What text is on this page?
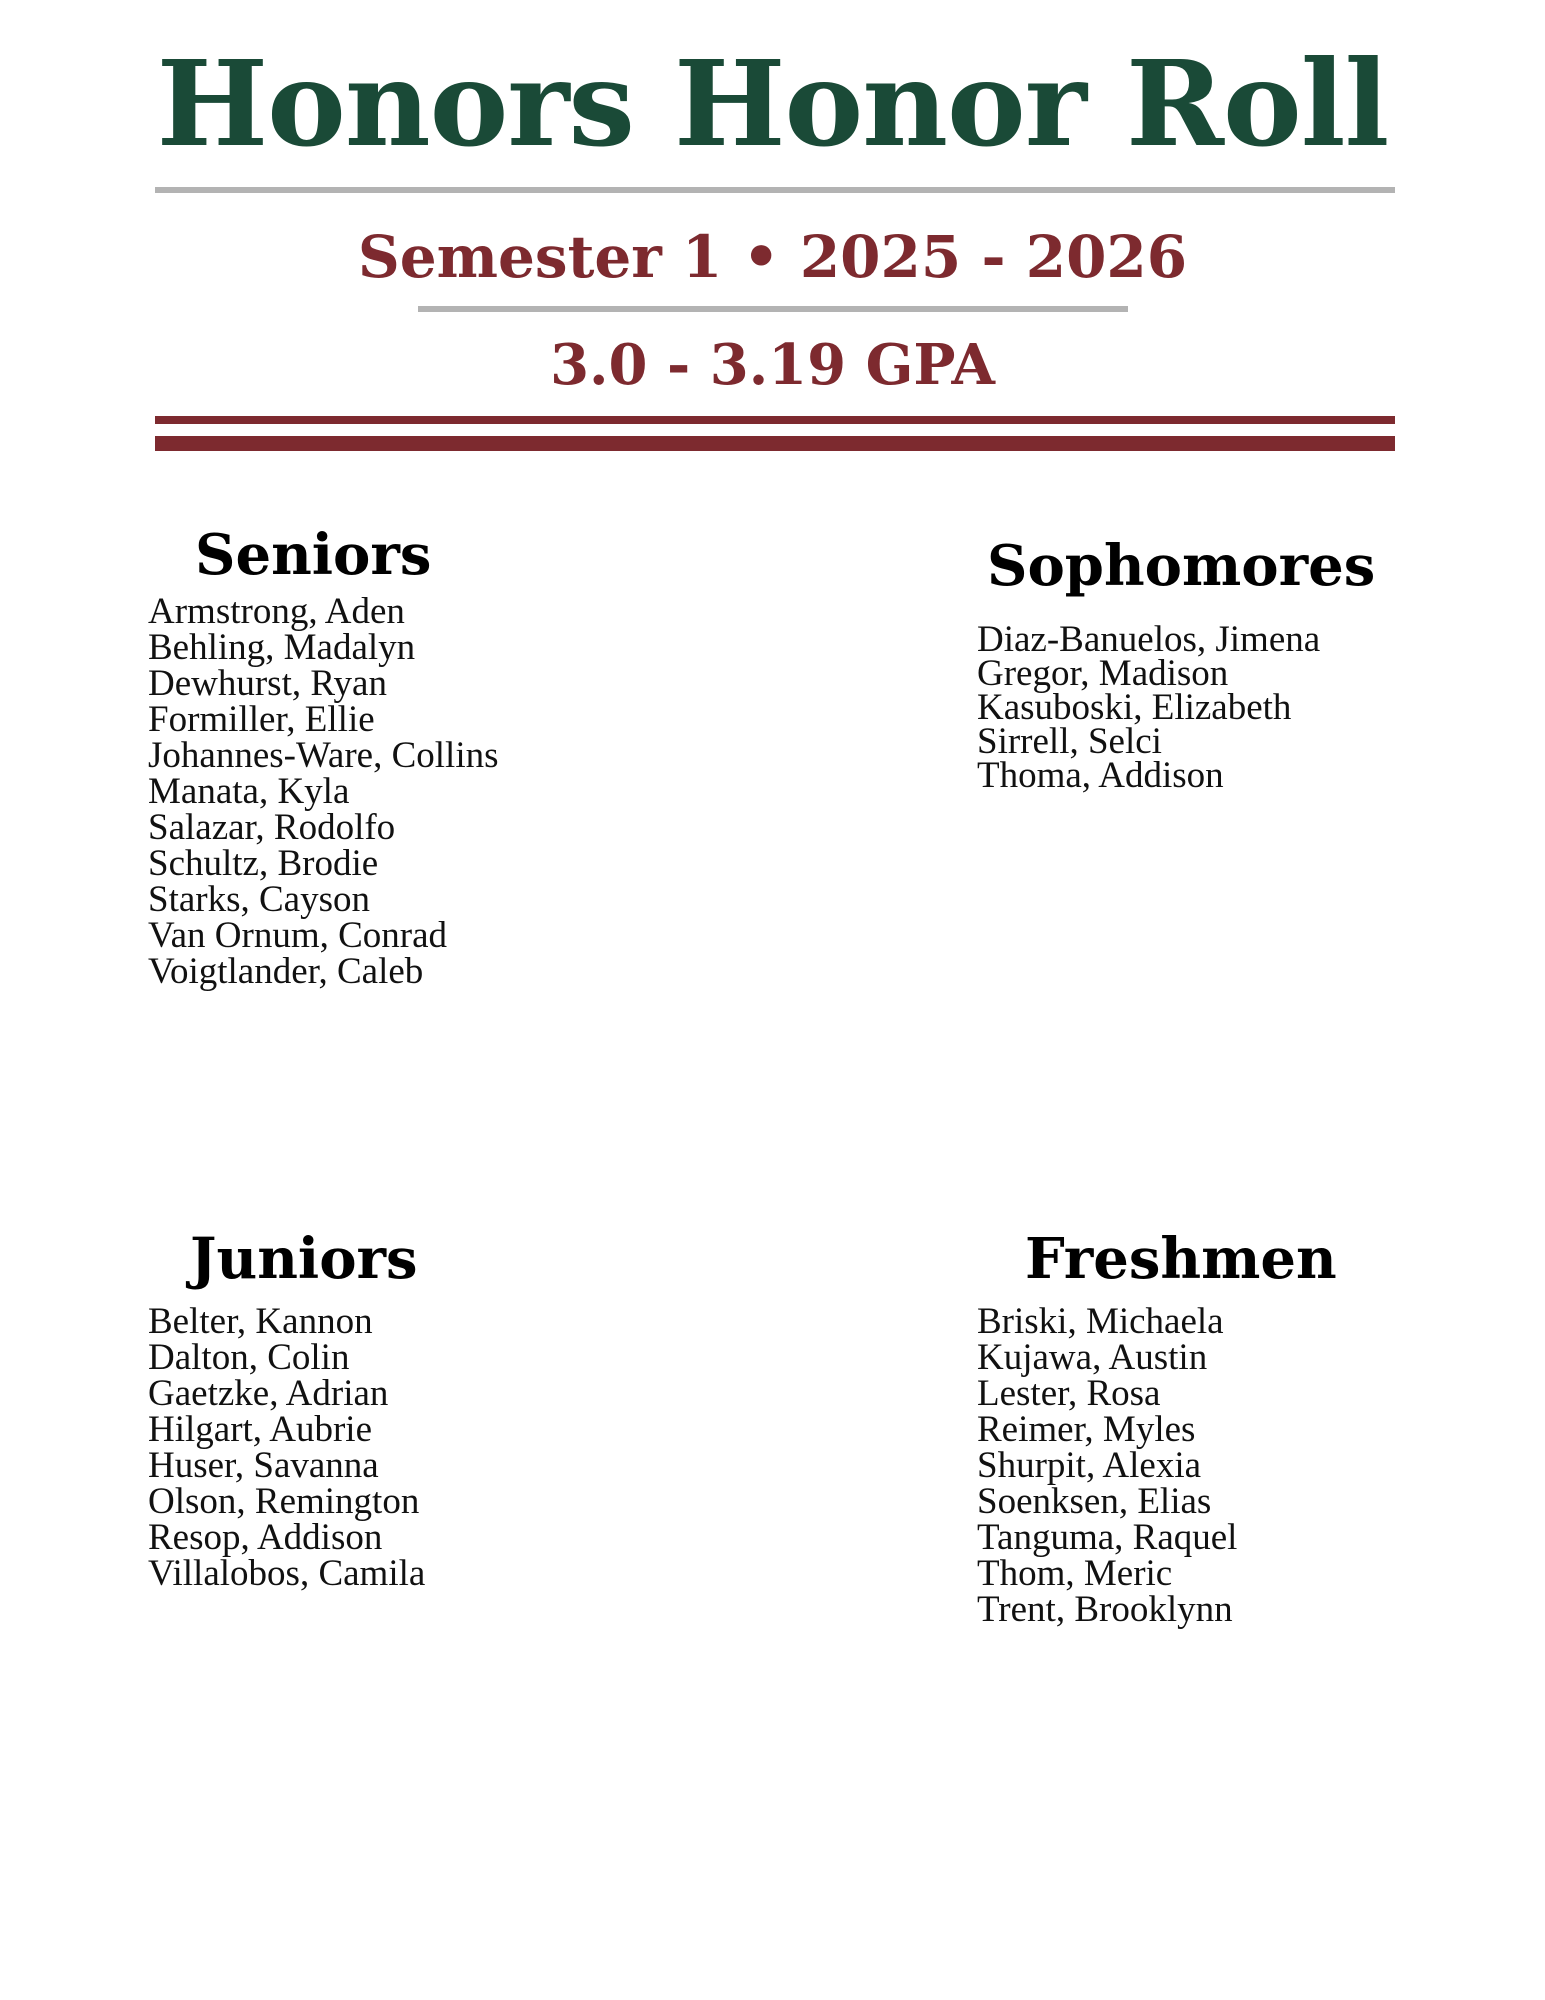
Honors Honor Roll
Semester 1 • 2025 - 2026
3.0 - 3.19 GPA
Seniors
Armstrong, Aden
Behling, Madalyn
Dewhurst, Ryan
Formiller, Ellie
Johannes-Ware, Collins
Manata, Kyla
Salazar, Rodolfo
Schultz, Brodie
Starks, Cayson
Van Ornum, Conrad
Voigtlander, Caleb
Sophomores
Diaz-Banuelos, Jimena
Gregor, Madison
Kasuboski, Elizabeth
Sirrell, Selci
Thoma, Addison
Juniors
Belter, Kannon
Dalton, Colin
Gaetzke, Adrian
Hilgart, Aubrie
Huser, Savanna
Olson, Remington
Resop, Addison
Villalobos, Camila
Freshmen
Briski, Michaela
Kujawa, Austin
Lester, Rosa
Reimer, Myles
Shurpit, Alexia
Soenksen, Elias
Tanguma, Raquel
Thom, Meric
Trent, Brooklynn
